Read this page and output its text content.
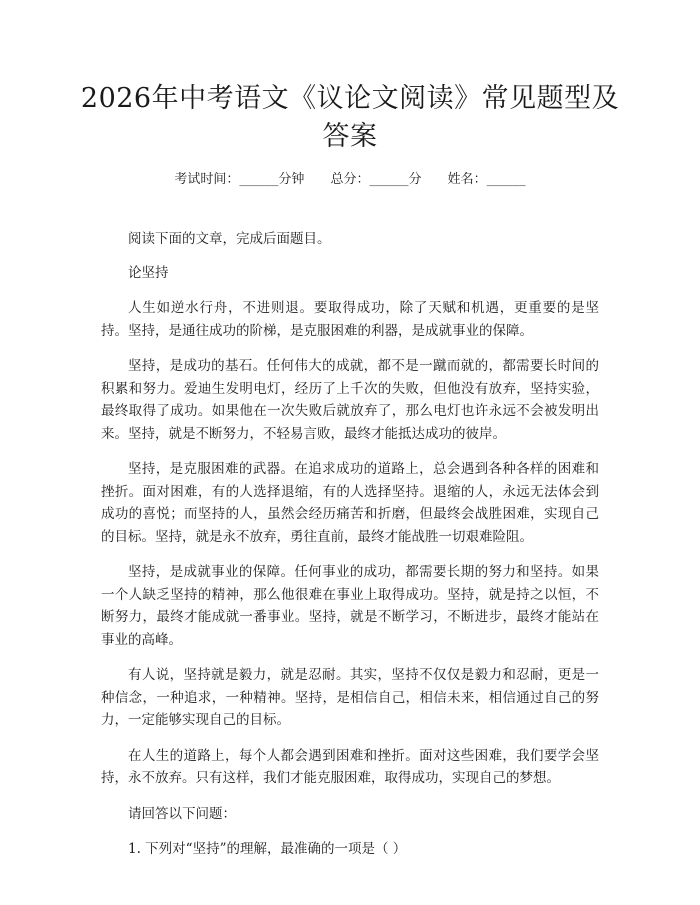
2026年中考语文《议论文阅读》常见题型及答案
考试时间：______分钟 总分：______分 姓名：______

阅读下面的文章，完成后面题目。

论坚持

人生如逆水行舟，不进则退。要取得成功，除了天赋和机遇，更重要的是坚持。坚持，是通往成功的阶梯，是克服困难的利器，是成就事业的保障。

坚持，是成功的基石。任何伟大的成就，都不是一蹴而就的，都需要长时间的积累和努力。爱迪生发明电灯，经历了上千次的失败，但他没有放弃，坚持实验，最终取得了成功。如果他在一次失败后就放弃了，那么电灯也许永远不会被发明出来。坚持，就是不断努力，不轻易言败，最终才能抵达成功的彼岸。

坚持，是克服困难的武器。在追求成功的道路上，总会遇到各种各样的困难和挫折。面对困难，有的人选择退缩，有的人选择坚持。退缩的人，永远无法体会到成功的喜悦；而坚持的人，虽然会经历痛苦和折磨，但最终会战胜困难，实现自己的目标。坚持，就是永不放弃，勇往直前，最终才能战胜一切艰难险阻。

坚持，是成就事业的保障。任何事业的成功，都需要长期的努力和坚持。如果一个人缺乏坚持的精神，那么他很难在事业上取得成功。坚持，就是持之以恒，不断努力，最终才能成就一番事业。坚持，就是不断学习，不断进步，最终才能站在事业的高峰。

有人说，坚持就是毅力，就是忍耐。其实，坚持不仅仅是毅力和忍耐，更是一种信念，一种追求，一种精神。坚持，是相信自己，相信未来，相信通过自己的努力，一定能够实现自己的目标。

在人生的道路上，每个人都会遇到困难和挫折。面对这些困难，我们要学会坚持，永不放弃。只有这样，我们才能克服困难，取得成功，实现自己的梦想。

请回答以下问题：

1. 下列对“坚持”的理解，最准确的一项是（ ）
